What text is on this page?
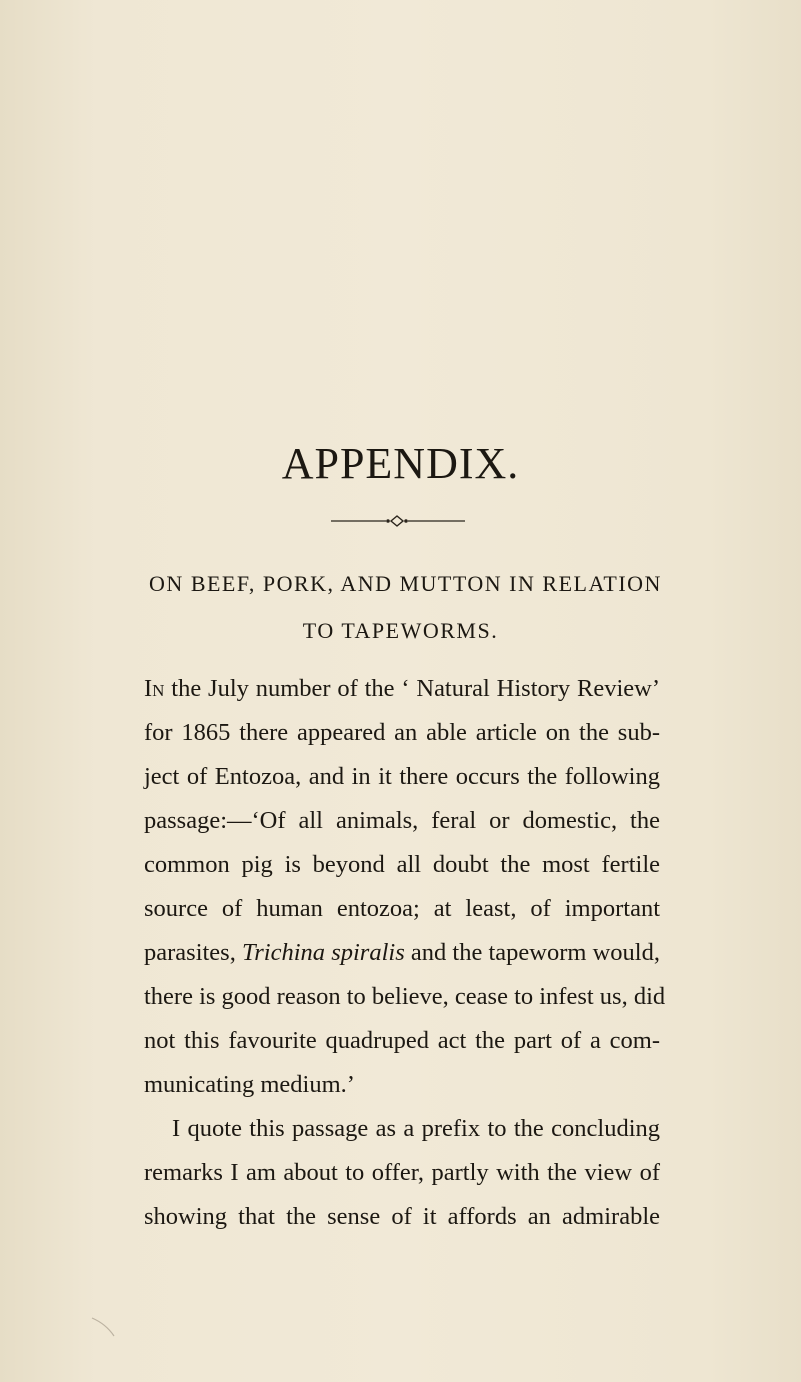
APPENDIX.
ON BEEF, PORK, AND MUTTON IN RELATION
TO TAPEWORMS.
In the July number of the ‘ Natural History Review’
for 1865 there appeared an able article on the sub-
ject of Entozoa, and in it there occurs the following
passage:—‘Of all animals, feral or domestic, the
common pig is beyond all doubt the most fertile
source of human entozoa; at least, of important
parasites, Trichina spiralis and the tapeworm would,
there is good reason to believe, cease to infest us, did
not this favourite quadruped act the part of a com-
municating medium.’
I quote this passage as a prefix to the concluding
remarks I am about to offer, partly with the view of
showing that the sense of it affords an admirable
